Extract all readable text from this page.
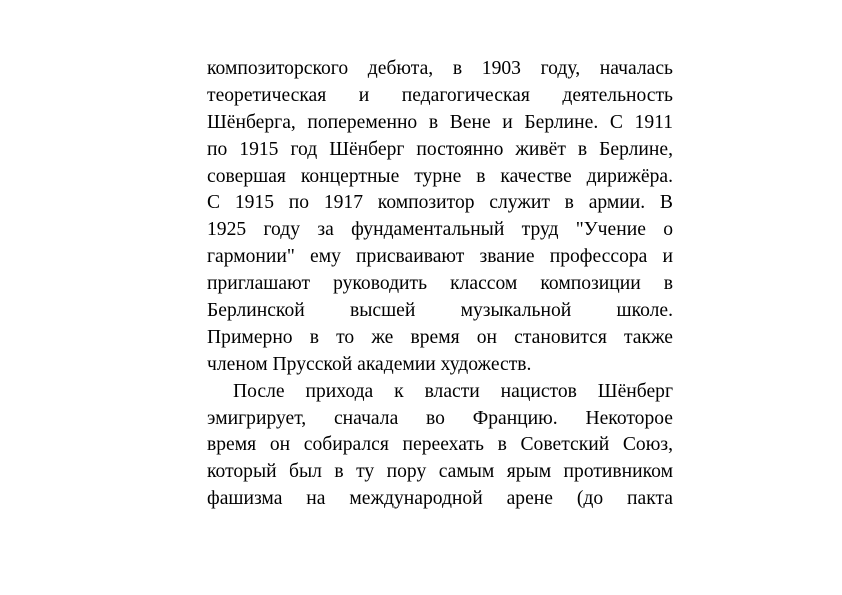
композиторского дебюта, в 1903 году, началась
теоретическая и педагогическая деятельность
Шёнберга, попеременно в Вене и Берлине. С 1911
по 1915 год Шёнберг постоянно живёт в Берлине,
совершая концертные турне в качестве дирижёра.
С 1915 по 1917 композитор служит в армии. В
1925 году за фундаментальный труд "Учение о
гармонии" ему присваивают звание профессора и
приглашают руководить классом композиции в
Берлинской высшей музыкальной школе.
Примерно в то же время он становится также
членом Прусской академии художеств.
После прихода к власти нацистов Шёнберг
эмигрирует, сначала во Францию. Некоторое
время он собирался переехать в Советский Союз,
который был в ту пору самым ярым противником
фашизма на международной арене (до пакта
